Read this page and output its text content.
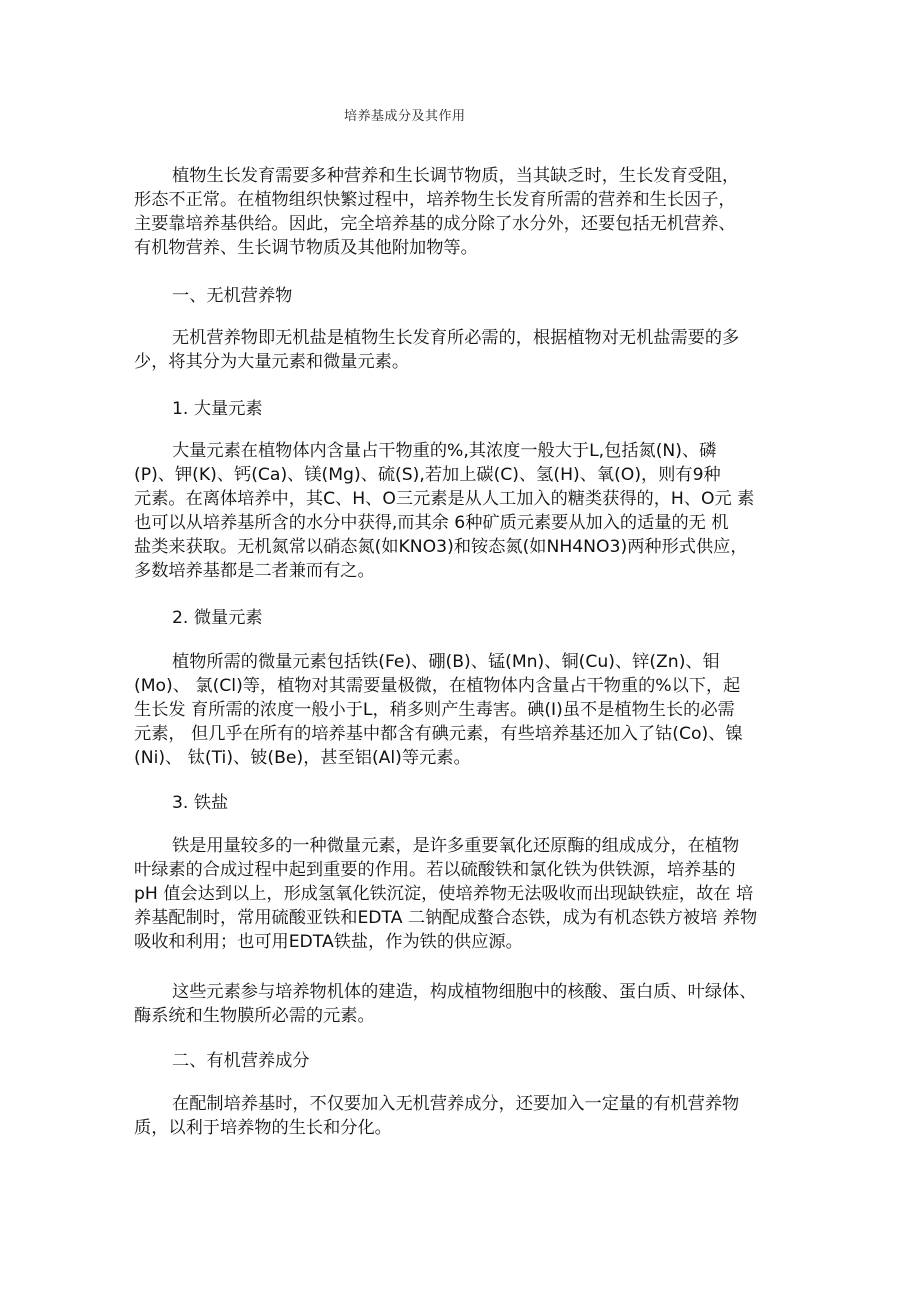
培养基成分及其作用
植物生长发育需要多种营养和生长调节物质，当其缺乏时，生长发育受阻，
形态不正常。在植物组织快繁过程中，培养物生长发育所需的营养和生长因子，
主要靠培养基供给。因此，完全培养基的成分除了水分外，还要包括无机营养、
有机物营养、生长调节物质及其他附加物等。
一、无机营养物
无机营养物即无机盐是植物生长发育所必需的，根据植物对无机盐需要的多
少，将其分为大量元素和微量元素。
1. 大量元素
大量元素在植物体内含量占干物重的%,其浓度一般大于L,包括氮(N)、磷
(P)、钾(K)、钙(Ca)、镁(Mg)、硫(S),若加上碳(C)、氢(H)、氧(O)，则有9种
元素。在离体培养中，其C、H、O三元素是从人工加入的糖类获得的，H、O元 素
也可以从培养基所含的水分中获得,而其余 6种矿质元素要从加入的适量的无 机
盐类来获取。无机氮常以硝态氮(如KNO3)和铵态氮(如NH4NO3)两种形式供应，
多数培养基都是二者兼而有之。
2. 微量元素
植物所需的微量元素包括铁(Fe)、硼(B)、锰(Mn)、铜(Cu)、锌(Zn)、钼
(Mo)、 氯(Cl)等，植物对其需要量极微，在植物体内含量占干物重的%以下，起
生长发 育所需的浓度一般小于L，稍多则产生毒害。碘(I)虽不是植物生长的必需
元素， 但几乎在所有的培养基中都含有碘元素，有些培养基还加入了钴(Co)、镍
(Ni)、 钛(Ti)、铍(Be)，甚至铝(Al)等元素。
3. 铁盐
铁是用量较多的一种微量元素，是许多重要氧化还原酶的组成成分，在植物
叶绿素的合成过程中起到重要的作用。若以硫酸铁和氯化铁为供铁源，培养基的
pH 值会达到以上，形成氢氧化铁沉淀，使培养物无法吸收而出现缺铁症，故在 培
养基配制时，常用硫酸亚铁和EDTA 二钠配成螯合态铁，成为有机态铁方被培 养物
吸收和利用；也可用EDTA铁盐，作为铁的供应源。
这些元素参与培养物机体的建造，构成植物细胞中的核酸、蛋白质、叶绿体、
酶系统和生物膜所必需的元素。
二、有机营养成分
在配制培养基时，不仅要加入无机营养成分，还要加入一定量的有机营养物
质，以利于培养物的生长和分化。
